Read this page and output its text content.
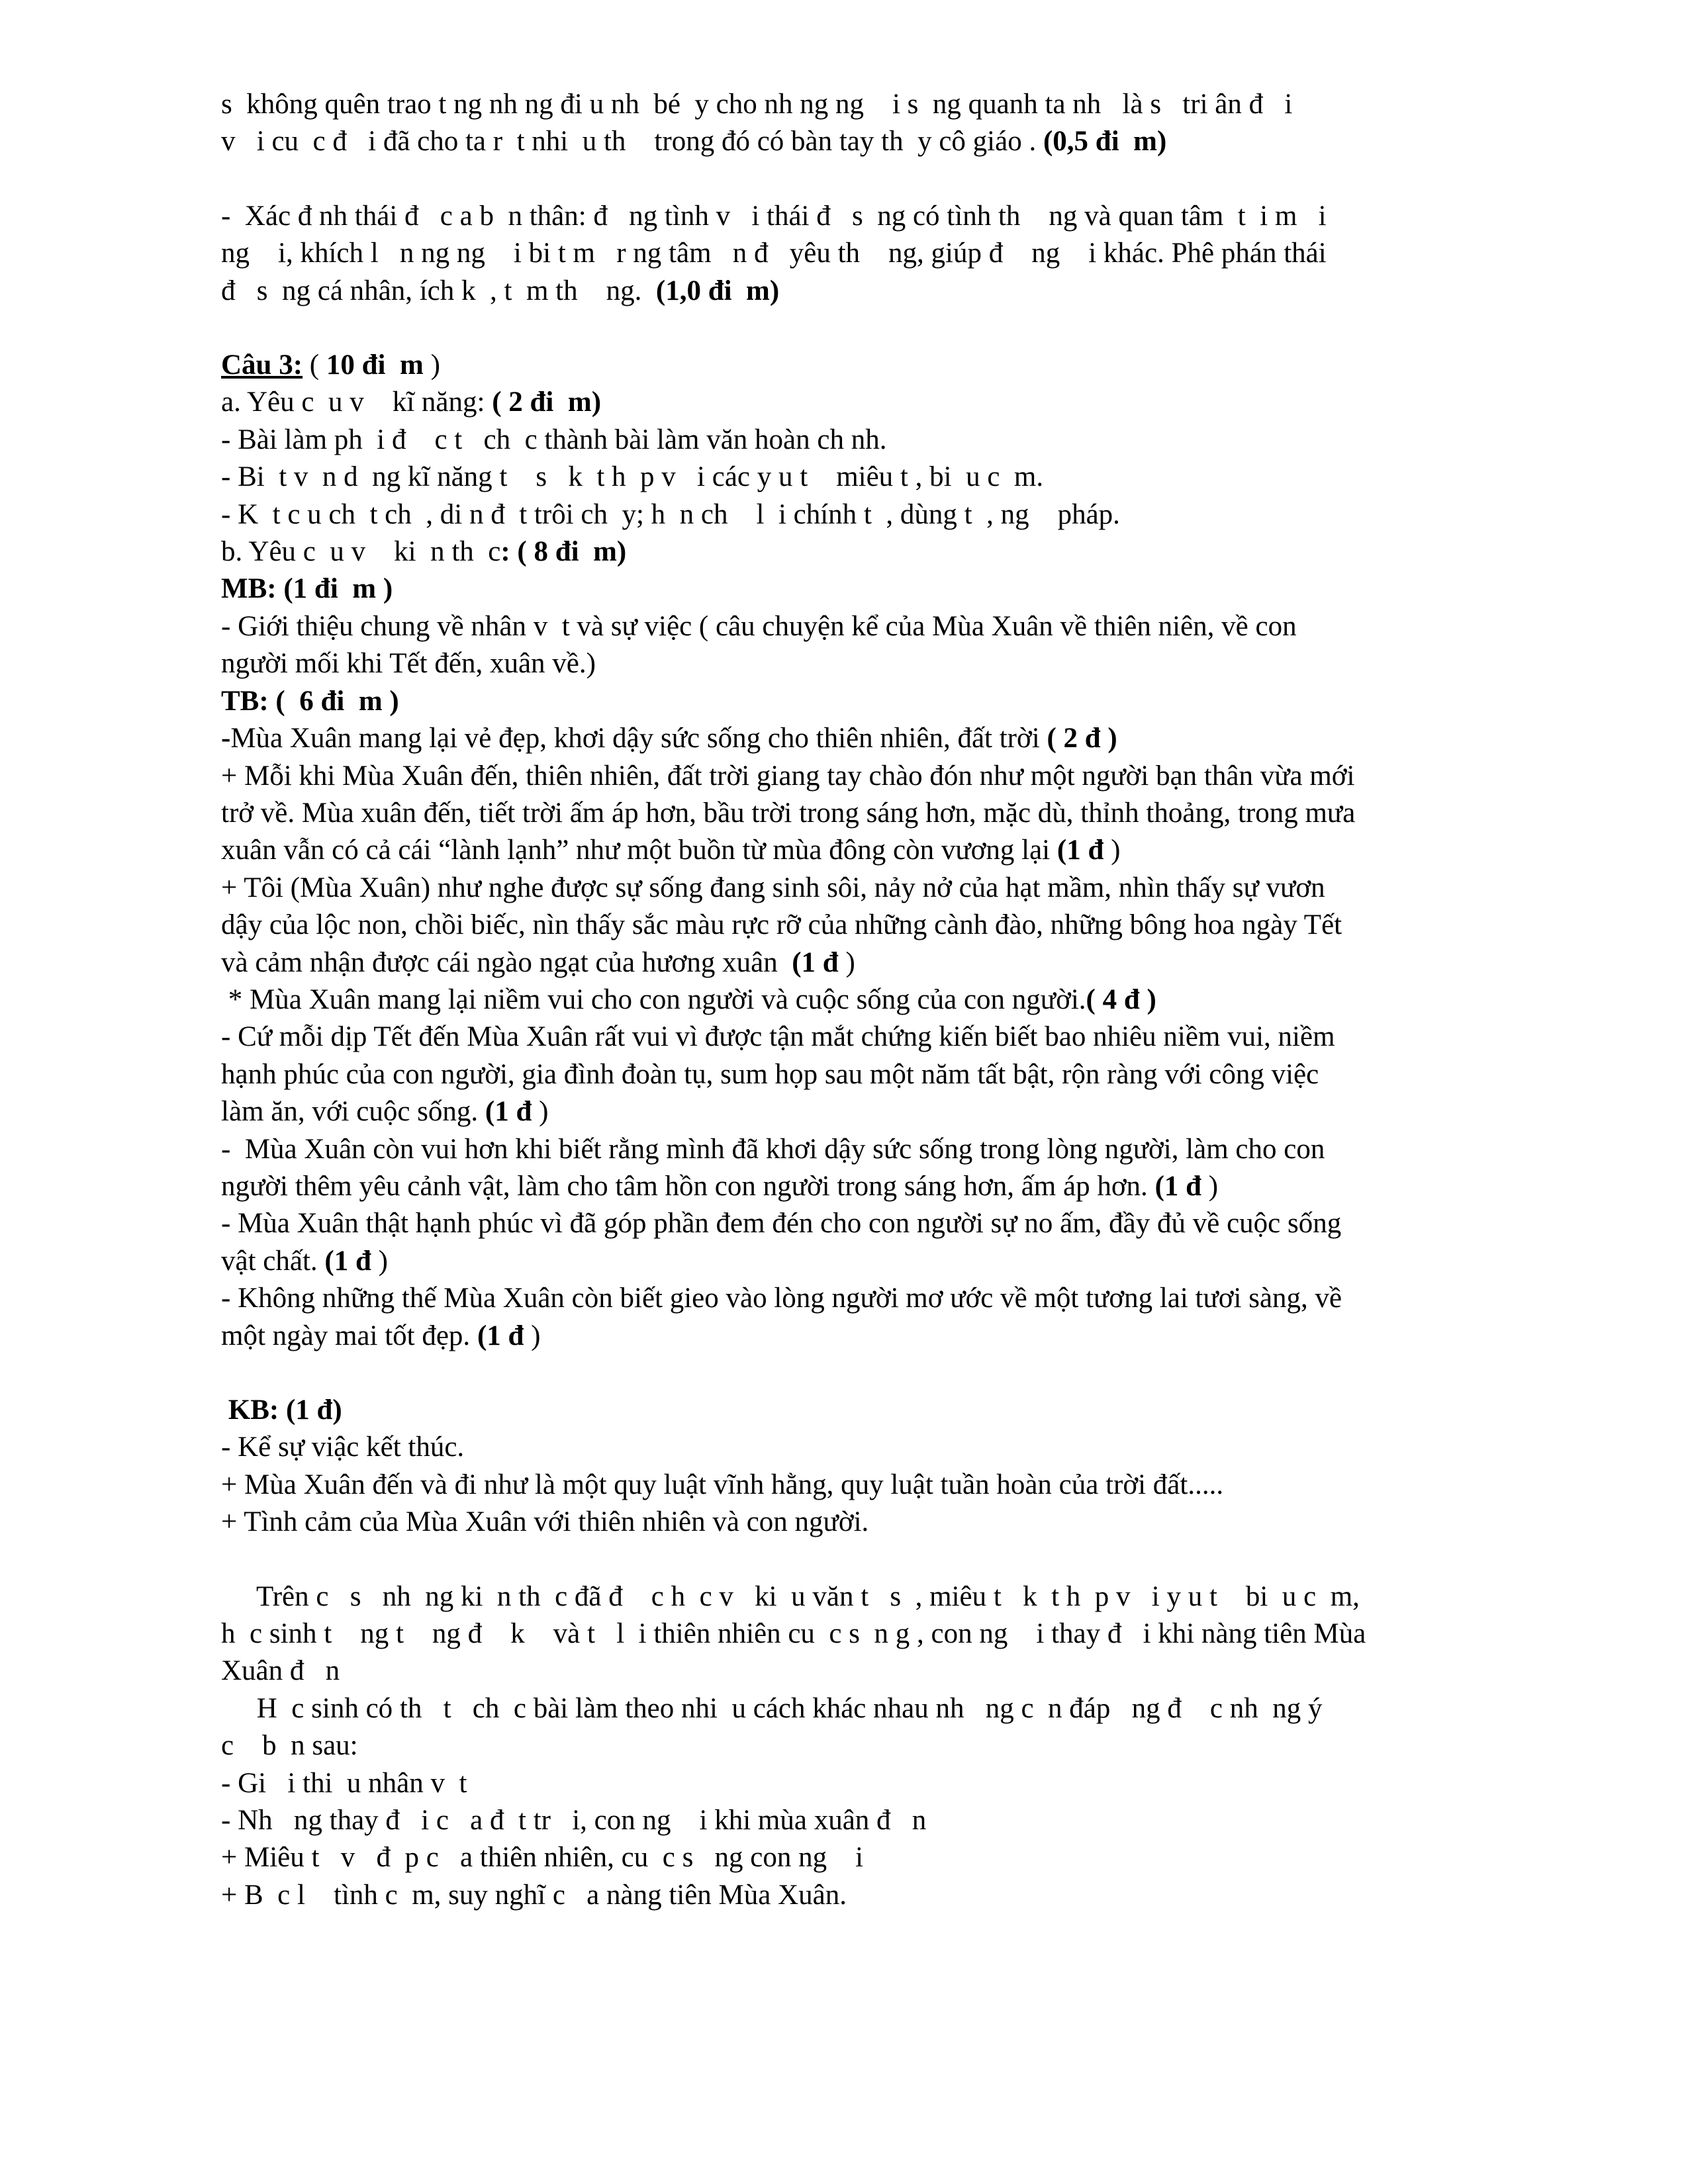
s  không quên trao t ng nh ng đi u nh  bé  y cho nh ng ng    i s  ng quanh ta nh   là s   tri ân đ   i
v   i cu  c đ   i đã cho ta r  t nhi  u th    trong đó có bàn tay th  y cô giáo . (0,5 đi  m)
-  Xác đ nh thái đ   c a b  n thân: đ   ng tình v   i thái đ   s  ng có tình th    ng và quan tâm  t  i m   i
ng    i, khích l   n ng ng    i bi t m   r ng tâm   n đ   yêu th    ng, giúp đ    ng    i khác. Phê phán thái
đ   s  ng cá nhân, ích k  , t  m th    ng.  (1,0 đi  m)
Câu 3: ( 10 đi  m )
a. Yêu c  u v    kĩ năng: ( 2 đi  m)
- Bài làm ph  i đ    c t   ch  c thành bài làm văn hoàn ch nh.
- Bi  t v  n d  ng kĩ năng t    s   k  t h  p v   i các y u t    miêu t , bi  u c  m.
- K  t c u ch  t ch  , di n đ  t trôi ch  y; h  n ch    l  i chính t  , dùng t  , ng    pháp.
b. Yêu c  u v    ki  n th  c: ( 8 đi  m)
MB: (1 đi  m )
- Giới thiệu chung về nhân v  t và sự việc ( câu chuyện kể của Mùa Xuân về thiên niên, về con
người mối khi Tết đến, xuân về.)
TB: (  6 đi  m )
-Mùa Xuân mang lại vẻ đẹp, khơi dậy sức sống cho thiên nhiên, đất trời ( 2 đ )
+ Mỗi khi Mùa Xuân đến, thiên nhiên, đất trời giang tay chào đón như một người bạn thân vừa mới
trở về. Mùa xuân đến, tiết trời ấm áp hơn, bầu trời trong sáng hơn, mặc dù, thỉnh thoảng, trong mưa
xuân vẫn có cả cái “lành lạnh” như một buồn từ mùa đông còn vương lại (1 đ )
+ Tôi (Mùa Xuân) như nghe được sự sống đang sinh sôi, nảy nở của hạt mầm, nhìn thấy sự vươn
dậy của lộc non, chồi biếc, nìn thấy sắc màu rực rỡ của những cành đào, những bông hoa ngày Tết
và cảm nhận được cái ngào ngạt của hương xuân  (1 đ )
* Mùa Xuân mang lại niềm vui cho con người và cuộc sống của con người.( 4 đ )
- Cứ mỗi dịp Tết đến Mùa Xuân rất vui vì được tận mắt chứng kiến biết bao nhiêu niềm vui, niềm
hạnh phúc của con người, gia đình đoàn tụ, sum họp sau một năm tất bật, rộn ràng với công việc
làm ăn, với cuộc sống. (1 đ )
-  Mùa Xuân còn vui hơn khi biết rằng mình đã khơi dậy sức sống trong lòng người, làm cho con
người thêm yêu cảnh vật, làm cho tâm hồn con người trong sáng hơn, ấm áp hơn. (1 đ )
- Mùa Xuân thật hạnh phúc vì đã góp phần đem đén cho con người sự no ấm, đầy đủ về cuộc sống
vật chất. (1 đ )
- Không những thế Mùa Xuân còn biết gieo vào lòng người mơ ước về một tương lai tươi sàng, về
một ngày mai tốt đẹp. (1 đ )
KB: (1 đ)
- Kể sự viậc kết thúc.
+ Mùa Xuân đến và đi như là một quy luật vĩnh hằng, quy luật tuần hoàn của trời đất.....
+ Tình cảm của Mùa Xuân với thiên nhiên và con người.
Trên c   s   nh  ng ki  n th  c đã đ    c h  c v   ki  u văn t   s  , miêu t   k  t h  p v   i y u t    bi  u c  m,
h  c sinh t    ng t    ng đ    k    và t   l  i thiên nhiên cu  c s  n g , con ng    i thay đ   i khi nàng tiên Mùa
Xuân đ   n
H  c sinh có th   t   ch  c bài làm theo nhi  u cách khác nhau nh   ng c  n đáp   ng đ    c nh  ng ý
c    b  n sau:
- Gi   i thi  u nhân v  t
- Nh   ng thay đ   i c   a đ  t tr   i, con ng    i khi mùa xuân đ   n
+ Miêu t   v   đ  p c   a thiên nhiên, cu  c s   ng con ng    i
+ B  c l    tình c  m, suy nghĩ c   a nàng tiên Mùa Xuân.
